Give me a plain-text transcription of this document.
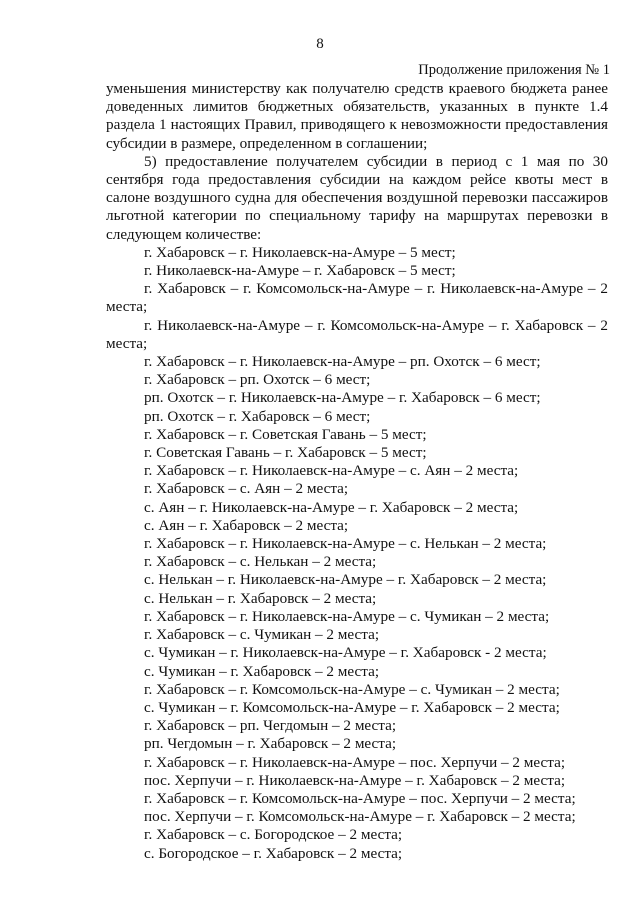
8
Продолжение приложения № 1

уменьшения министерству как получателю средств краевого бюджета ранее доведенных лимитов бюджетных обязательств, указанных в пункте 1.4 раздела 1 настоящих Правил, приводящего к невозможности предоставления субсидии в размере, определенном в соглашении;

5) предоставление получателем субсидии в период с 1 мая по 30 сентября года предоставления субсидии на каждом рейсе квоты мест в салоне воздушного судна для обеспечения воздушной перевозки пассажиров льготной категории по специальному тарифу на маршрутах перевозки в следующем количестве:

г. Хабаровск – г. Николаевск-на-Амуре – 5 мест;

г. Николаевск-на-Амуре – г. Хабаровск – 5 мест;

г. Хабаровск – г. Комсомольск-на-Амуре – г. Николаевск-на-Амуре – 2 места;

г. Николаевск-на-Амуре – г. Комсомольск-на-Амуре – г. Хабаровск – 2 места;

г. Хабаровск – г. Николаевск-на-Амуре – рп. Охотск – 6 мест;

г. Хабаровск – рп. Охотск – 6 мест;

рп. Охотск – г. Николаевск-на-Амуре – г. Хабаровск – 6 мест;

рп. Охотск – г. Хабаровск – 6 мест;

г. Хабаровск – г. Советская Гавань – 5 мест;

г. Советская Гавань – г. Хабаровск – 5 мест;

г. Хабаровск – г. Николаевск-на-Амуре – с. Аян – 2 места;

г. Хабаровск – с. Аян – 2 места;

с. Аян – г. Николаевск-на-Амуре – г. Хабаровск – 2 места;

с. Аян – г. Хабаровск – 2 места;

г. Хабаровск – г. Николаевск-на-Амуре – с. Нелькан – 2 места;

г. Хабаровск – с. Нелькан – 2 места;

с. Нелькан – г. Николаевск-на-Амуре – г. Хабаровск – 2 места;

с. Нелькан – г. Хабаровск – 2 места;

г. Хабаровск – г. Николаевск-на-Амуре – с. Чумикан – 2 места;

г. Хабаровск – с. Чумикан – 2 места;

с. Чумикан – г. Николаевск-на-Амуре – г. Хабаровск - 2 места;

с. Чумикан – г. Хабаровск – 2 места;

г. Хабаровск – г. Комсомольск-на-Амуре – с. Чумикан – 2 места;

с. Чумикан – г. Комсомольск-на-Амуре – г. Хабаровск – 2 места;

г. Хабаровск – рп. Чегдомын – 2 места;

рп. Чегдомын – г. Хабаровск – 2 места;

г. Хабаровск – г. Николаевск-на-Амуре – пос. Херпучи – 2 места;

пос. Херпучи – г. Николаевск-на-Амуре – г. Хабаровск – 2 места;

г. Хабаровск – г. Комсомольск-на-Амуре – пос. Херпучи – 2 места;

пос. Херпучи – г. Комсомольск-на-Амуре – г. Хабаровск – 2 места;

г. Хабаровск – с. Богородское – 2 места;

с. Богородское – г. Хабаровск – 2 места;
